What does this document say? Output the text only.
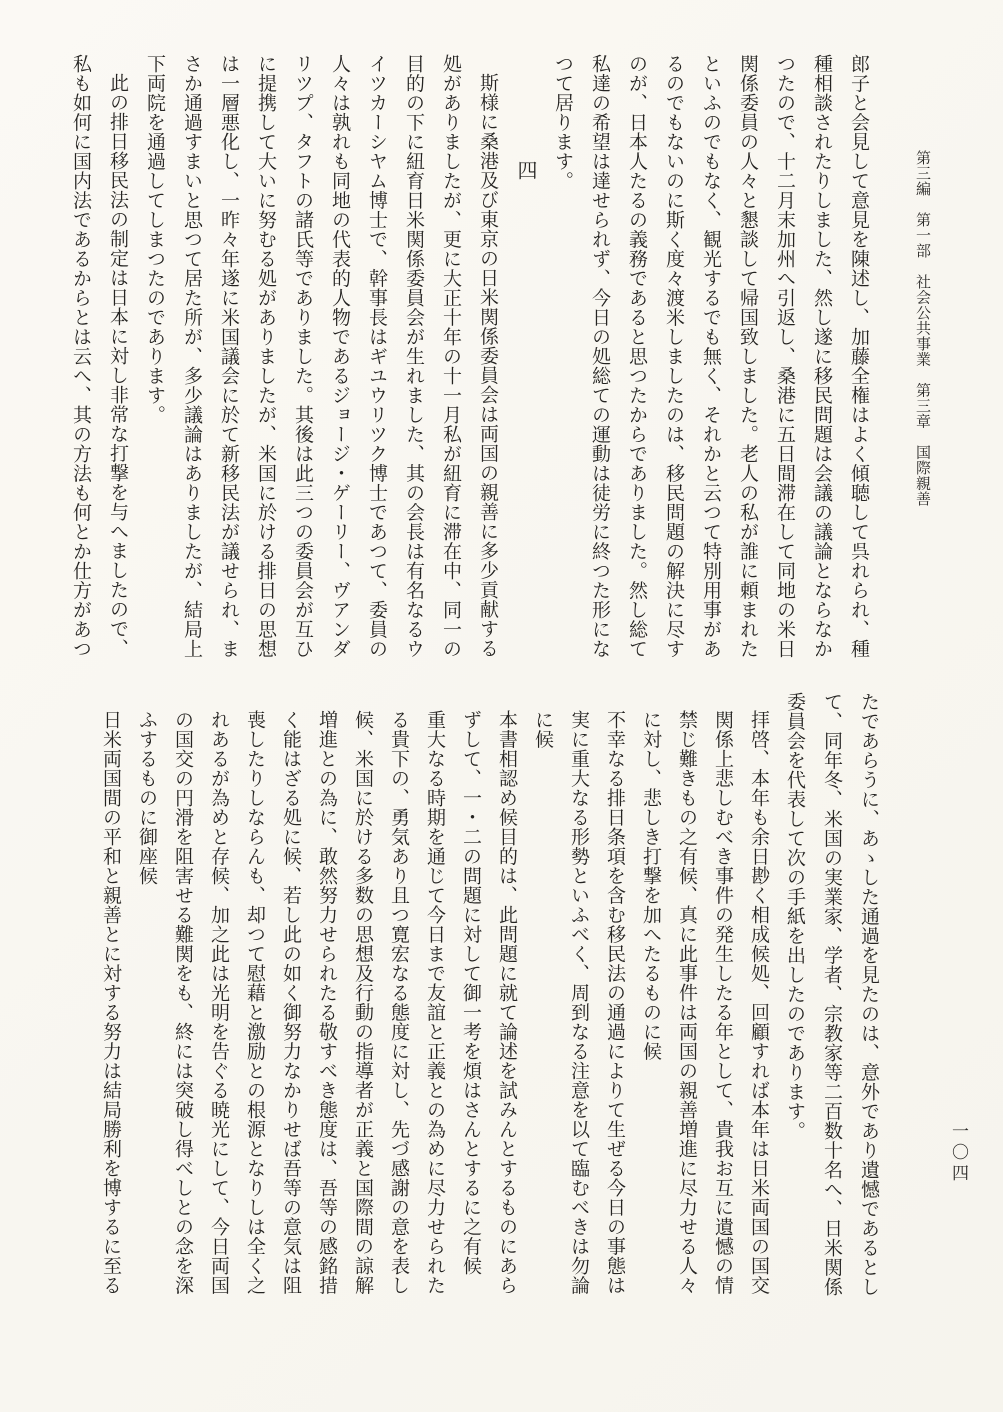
第三編　第一部　社会公共事業　第三章　国際親善
一〇四
郎子と会見して意見を陳述し、加藤全権はよく傾聴して呉れられ、種
種相談されたりしました、然し遂に移民問題は会議の議論とならなか
つたので、十二月末加州へ引返し、桑港に五日間滞在して同地の米日
関係委員の人々と懇談して帰国致しました。老人の私が誰に頼まれた
といふのでもなく、観光するでも無く、それかと云つて特別用事があ
るのでもないのに斯く度々渡米しましたのは、移民問題の解決に尽す
のが、日本人たるの義務であると思つたからでありました。然し総て
私達の希望は達せられず、今日の処総ての運動は徒労に終つた形にな
つて居ります。
四
斯様に桑港及び東京の日米関係委員会は両国の親善に多少貢献する
処がありましたが、更に大正十年の十一月私が紐育に滞在中、同一の
目的の下に紐育日米関係委員会が生れました、其の会長は有名なるウ
イツカーシヤム博士で、幹事長はギユウリツク博士であつて、委員の
人々は孰れも同地の代表的人物であるジョージ・ゲーリー、ヴアンダ
リツプ、タフトの諸氏等でありました。其後は此三つの委員会が互ひ
に提携して大いに努むる処がありましたが、米国に於ける排日の思想
は一層悪化し、一昨々年遂に米国議会に於て新移民法が議せられ、ま
さか通過すまいと思つて居た所が、多少議論はありましたが、結局上
下両院を通過してしまつたのであります。
此の排日移民法の制定は日本に対し非常な打撃を与へましたので、
私も如何に国内法であるからとは云へ、其の方法も何とか仕方があつ
たであらうに、あゝした通過を見たのは、意外であり遺憾であるとし
て、同年冬、米国の実業家、学者、宗教家等二百数十名へ、日米関係
委員会を代表して次の手紙を出したのであります。
拝啓、本年も余日尠く相成候処、回顧すれば本年は日米両国の国交
関係上悲しむべき事件の発生したる年として、貴我お互に遺憾の情
禁じ難きもの之有候、真に此事件は両国の親善増進に尽力せる人々
に対し、悲しき打撃を加へたるものに候
不幸なる排日条項を含む移民法の通過によりて生ぜる今日の事態は
実に重大なる形勢といふべく、周到なる注意を以て臨むべきは勿論
に候
本書相認め候目的は、此問題に就て論述を試みんとするものにあら
ずして、一・二の問題に対して御一考を煩はさんとするに之有候
重大なる時期を通じて今日まで友誼と正義との為めに尽力せられた
る貴下の、勇気あり且つ寛宏なる態度に対し、先づ感謝の意を表し
候、米国に於ける多数の思想及行動の指導者が正義と国際間の諒解
増進との為に、敢然努力せられたる敬すべき態度は、吾等の感銘措
く能はざる処に候、若し此の如く御努力なかりせば吾等の意気は阻
喪したりしならんも、却つて慰藉と激励との根源となりしは全く之
れあるが為めと存候、加之此は光明を告ぐる暁光にして、今日両国
の国交の円滑を阻害せる難関をも、終には突破し得べしとの念を深
ふするものに御座候
日米両国間の平和と親善とに対する努力は結局勝利を博するに至る
